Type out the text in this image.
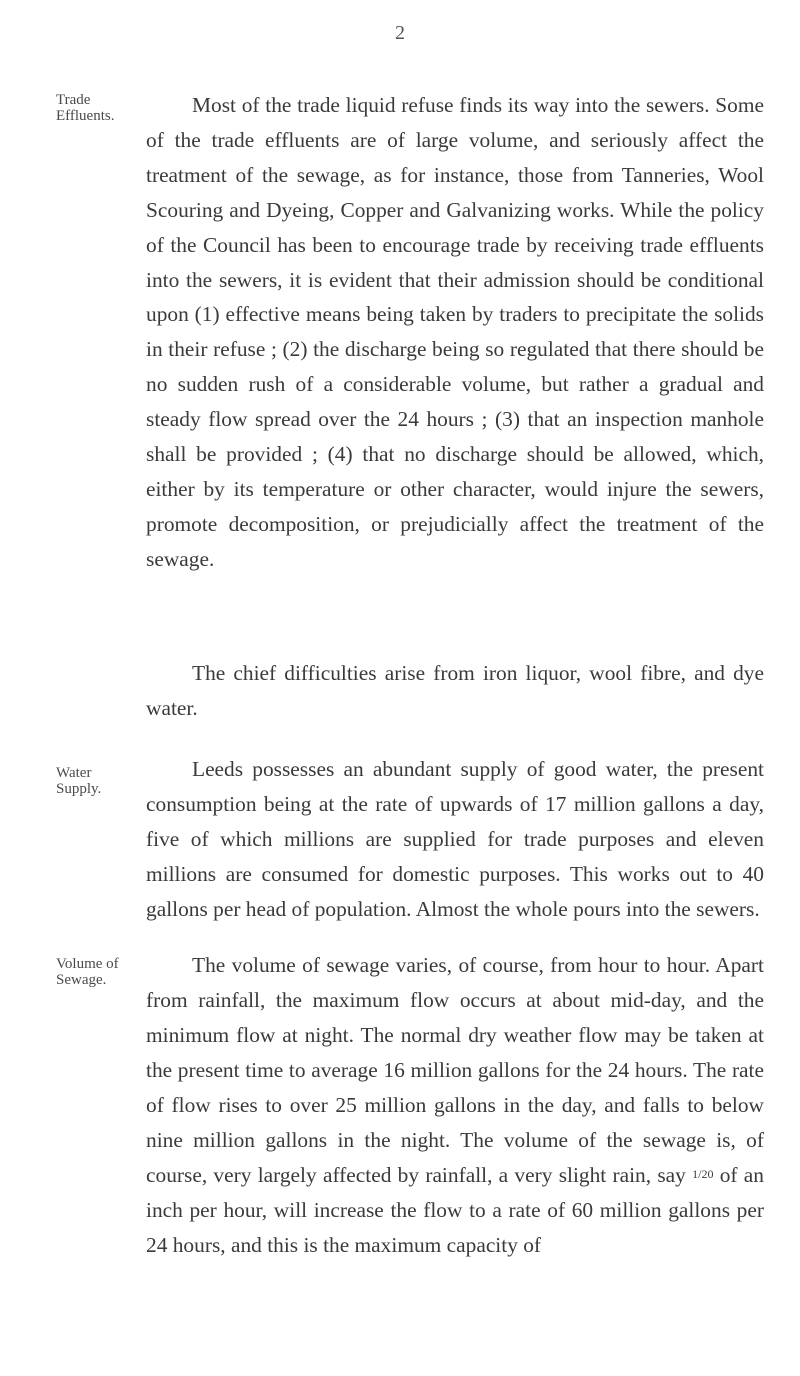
2
Trade Effluents.	Most of the trade liquid refuse finds its way into the sewers. Some of the trade effluents are of large volume, and seriously affect the treatment of the sewage, as for instance, those from Tanneries, Wool Scouring and Dyeing, Copper and Galvanizing works. While the policy of the Council has been to encourage trade by receiving trade effluents into the sewers, it is evident that their admission should be conditional upon (1) effective means being taken by traders to precipitate the solids in their refuse ; (2) the discharge being so regulated that there should be no sudden rush of a considerable volume, but rather a gradual and steady flow spread over the 24 hours ; (3) that an inspection manhole shall be provided ; (4) that no discharge should be allowed, which, either by its temperature or other character, would injure the sewers, promote decomposition, or prejudicially affect the treatment of the sewage.

The chief difficulties arise from iron liquor, wool fibre, and dye water.

Water Supply.

Leeds possesses an abundant supply of good water, the present consumption being at the rate of upwards of 17 million gallons a day, five of which millions are supplied for trade purposes and eleven millions are consumed for domestic purposes. This works out to 40 gallons per head of population. Almost the whole pours into the sewers.

Volume of Sewage.

The volume of sewage varies, of course, from hour to hour. Apart from rainfall, the maximum flow occurs at about mid-day, and the minimum flow at night. The normal dry weather flow may be taken at the present time to average 16 million gallons for the 24 hours. The rate of flow rises to over 25 million gallons in the day, and falls to below nine million gallons in the night. The volume of the sewage is, of course, very largely affected by rainfall, a very slight rain, say 1/20 of an inch per hour, will increase the flow to a rate of 60 million gallons per 24 hours, and this is the maximum capacity of
